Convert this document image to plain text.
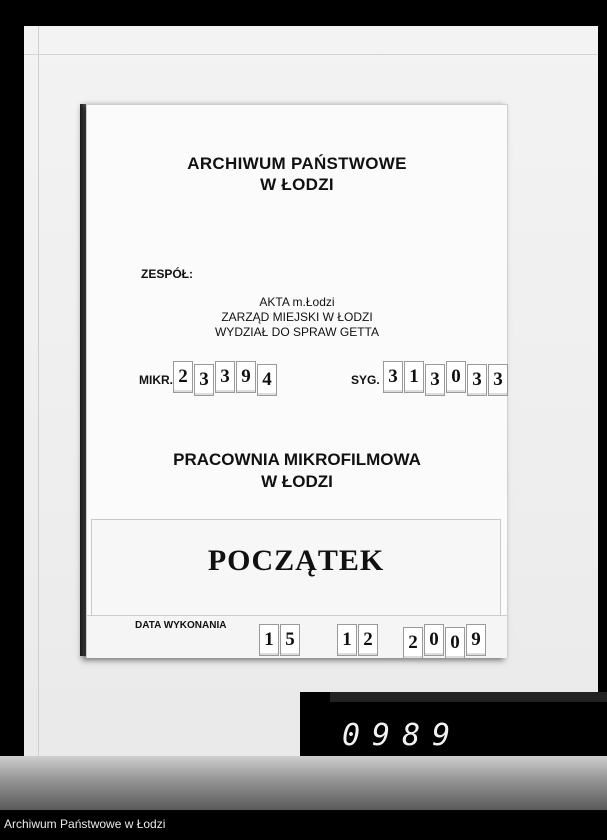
ARCHIWUM PAŃSTWOWE
W ŁODZI
ZESPÓŁ:
AKTA m.Łodzi
ZARZĄD MIEJSKI W ŁODZI
WYDZIAŁ DO SPRAW GETTA
MIKR. 2 3 3 9 4	SYG. 3 1 3 0 3 3
PRACOWNIA MIKROFILMOWA
W ŁODZI
POCZĄTEK
DATA WYKONANIA
1 5	1 2 2 0 0 9
0989
Archiwum Państwowe w Łodzi
